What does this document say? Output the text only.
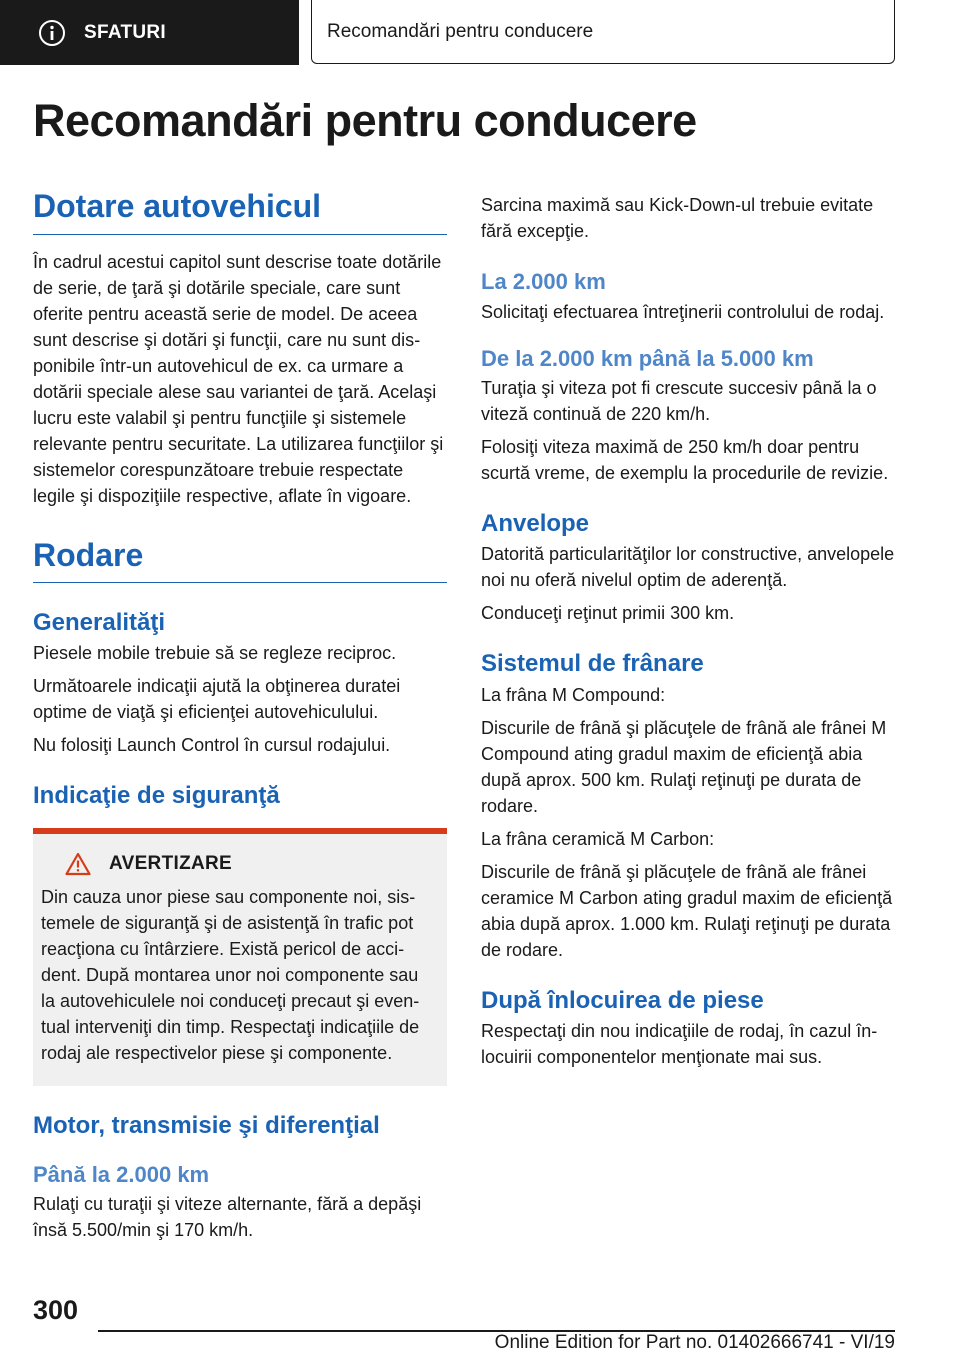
SFATURI	Recomandări pentru conducere
Recomandări pentru conducere
Dotare autovehicul

În cadrul acestui capitol sunt descrise toate dotările de serie, de ţară şi dotările speciale, care sunt oferite pentru această serie de model. De aceea sunt descrise şi dotări şi funcţii, care nu sunt disponibile într-un autovehicul de ex. ca urmare a dotării speciale alese sau variantei de ţară. Acelaşi lucru este valabil şi pentru funcţiile şi sistemele relevante pentru securitate. La utilizarea funcţiilor şi sistemelor corespunzătoare trebuie respectate legile şi dispoziţiile respective, aflate în vigoare.

Rodare
Generalităţi

Piesele mobile trebuie să se regleze reciproc.

Următoarele indicaţii ajută la obţinerea duratei optime de viaţă şi eficienţei autovehiculului.

Nu folosiţi Launch Control în cursul rodajului.

Indicaţie de siguranţă
AVERTIZARE

Din cauza unor piese sau componente noi, sistemele de siguranţă şi de asistenţă în trafic pot reacţiona cu întârziere. Există pericol de accident. După montarea unor noi componente sau la autovehiculele noi conduceţi precaut şi eventual interveniţi din timp. Respectaţi indicaţiile de rodaj ale respectivelor piese şi componente.

Motor, transmisie şi diferenţial
Până la 2.000 km

Rulaţi cu turaţii şi viteze alternante, fără a depăşi însă 5.500/min şi 170 km/h.

Sarcina maximă sau Kick-Down-ul trebuie evitate fără excepţie.

La 2.000 km

Solicitaţi efectuarea întreţinerii controlului de rodaj.

De la 2.000 km până la 5.000 km

Turaţia şi viteza pot fi crescute succesiv până la o viteză continuă de 220 km/h.

Folosiţi viteza maximă de 250 km/h doar pentru scurtă vreme, de exemplu la procedurile de revizie.

Anvelope

Datorită particularităţilor lor constructive, anvelopele noi nu oferă nivelul optim de aderenţă.

Conduceţi reţinut primii 300 km.

Sistemul de frânare

La frâna M Compound:

Discurile de frână şi plăcuţele de frână ale frânei M Compound ating gradul maxim de eficienţă abia după aprox. 500 km. Rulaţi reţinuţi pe durata de rodare.

La frâna ceramică M Carbon:

Discurile de frână şi plăcuţele de frână ale frânei ceramice M Carbon ating gradul maxim de eficienţă abia după aprox. 1.000 km. Rulaţi reţinuţi pe durata de rodare.

După înlocuirea de piese

Respectaţi din nou indicaţiile de rodaj, în cazul înlocuirii componentelor menţionate mai sus.

300

Online Edition for Part no. 01402666741 - VI/19
